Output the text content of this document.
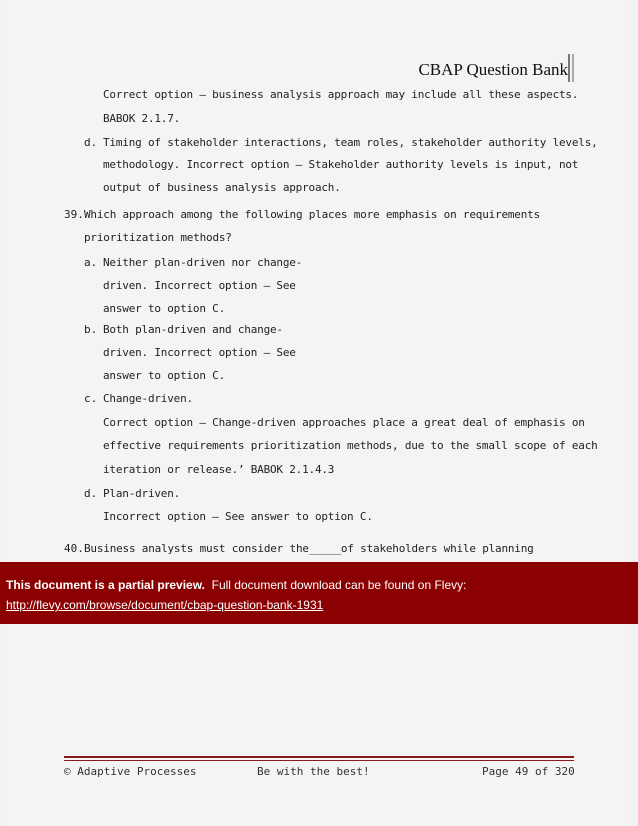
CBAP Question Bank
Correct option – business analysis approach may include all these aspects.
BABOK 2.1.7.
d. Timing of stakeholder interactions, team roles, stakeholder authority levels,
methodology. Incorrect option – Stakeholder authority levels is input, not
output of business analysis approach.
39. Which approach among the following places more emphasis on requirements
prioritization methods?
a. Neither plan-driven nor change-
driven. Incorrect option – See
answer to option C.
b. Both plan-driven and change-
driven. Incorrect option – See
answer to option C.
c. Change-driven.
Correct option – Change-driven approaches place a great deal of emphasis on
effective requirements prioritization methods, due to the small scope of each
iteration or release.’ BABOK 2.1.4.3
d. Plan-driven.
Incorrect option – See answer to option C.
40. Business analysts must consider the_____of stakeholders while planning
This document is a partial preview. Full document download can be found on Flevy:
http://flevy.com/browse/document/cbap-question-bank-1931
© Adaptive Processes	Be with the best!	Page 49 of 320
